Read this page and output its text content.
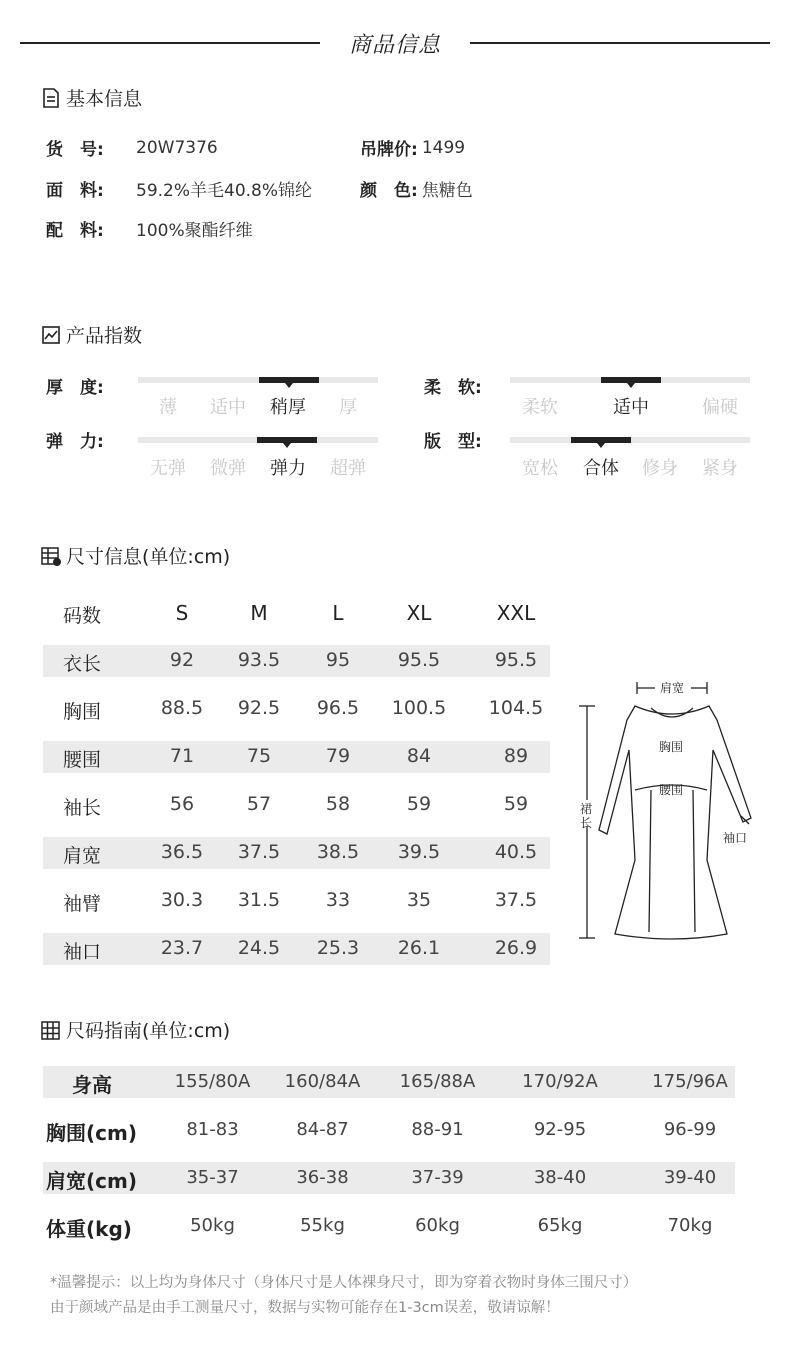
商品信息
基本信息
货　号:	20W7376	吊牌价: 1499
面　料:	59.2%羊毛40.8%锦纶	颜　色: 焦糖色
配　料:	100%聚酯纤维
产品指数
厚　度:
薄	适中	稍厚	厚
柔　软:
柔软	适中	偏硬
弹　力:
无弹	微弹	弹力	超弹
版　型:
宽松	合体	修身	紧身
尺寸信息(单位:cm)
码数	S	M	L	XL	XXL
衣长	92	93.5	95	95.5	95.5
胸围	88.5	92.5	96.5	100.5	104.5
腰围	71	75	79	84	89
袖长	56	57	58	59	59
肩宽	36.5	37.5	38.5	39.5	40.5
袖臂	30.3	31.5	33	35	37.5
袖口	23.7	24.5	25.3	26.1	26.9
肩宽
胸围
腰围
裙
长
袖口
尺码指南(单位:cm)
身高	155/80A 160/84A	165/88A	170/92A	175/96A
胸围(cm)	81-83	84-87	88-91	92-95	96-99
肩宽(cm)	35-37	36-38	37-39	38-40	39-40
体重(kg)	50kg	55kg	60kg	65kg	70kg
*温馨提示：以上均为身体尺寸（身体尺寸是人体裸身尺寸，即为穿着衣物时身体三围尺寸）
由于颜域产品是由手工测量尺寸，数据与实物可能存在1-3cm误差，敬请谅解！
